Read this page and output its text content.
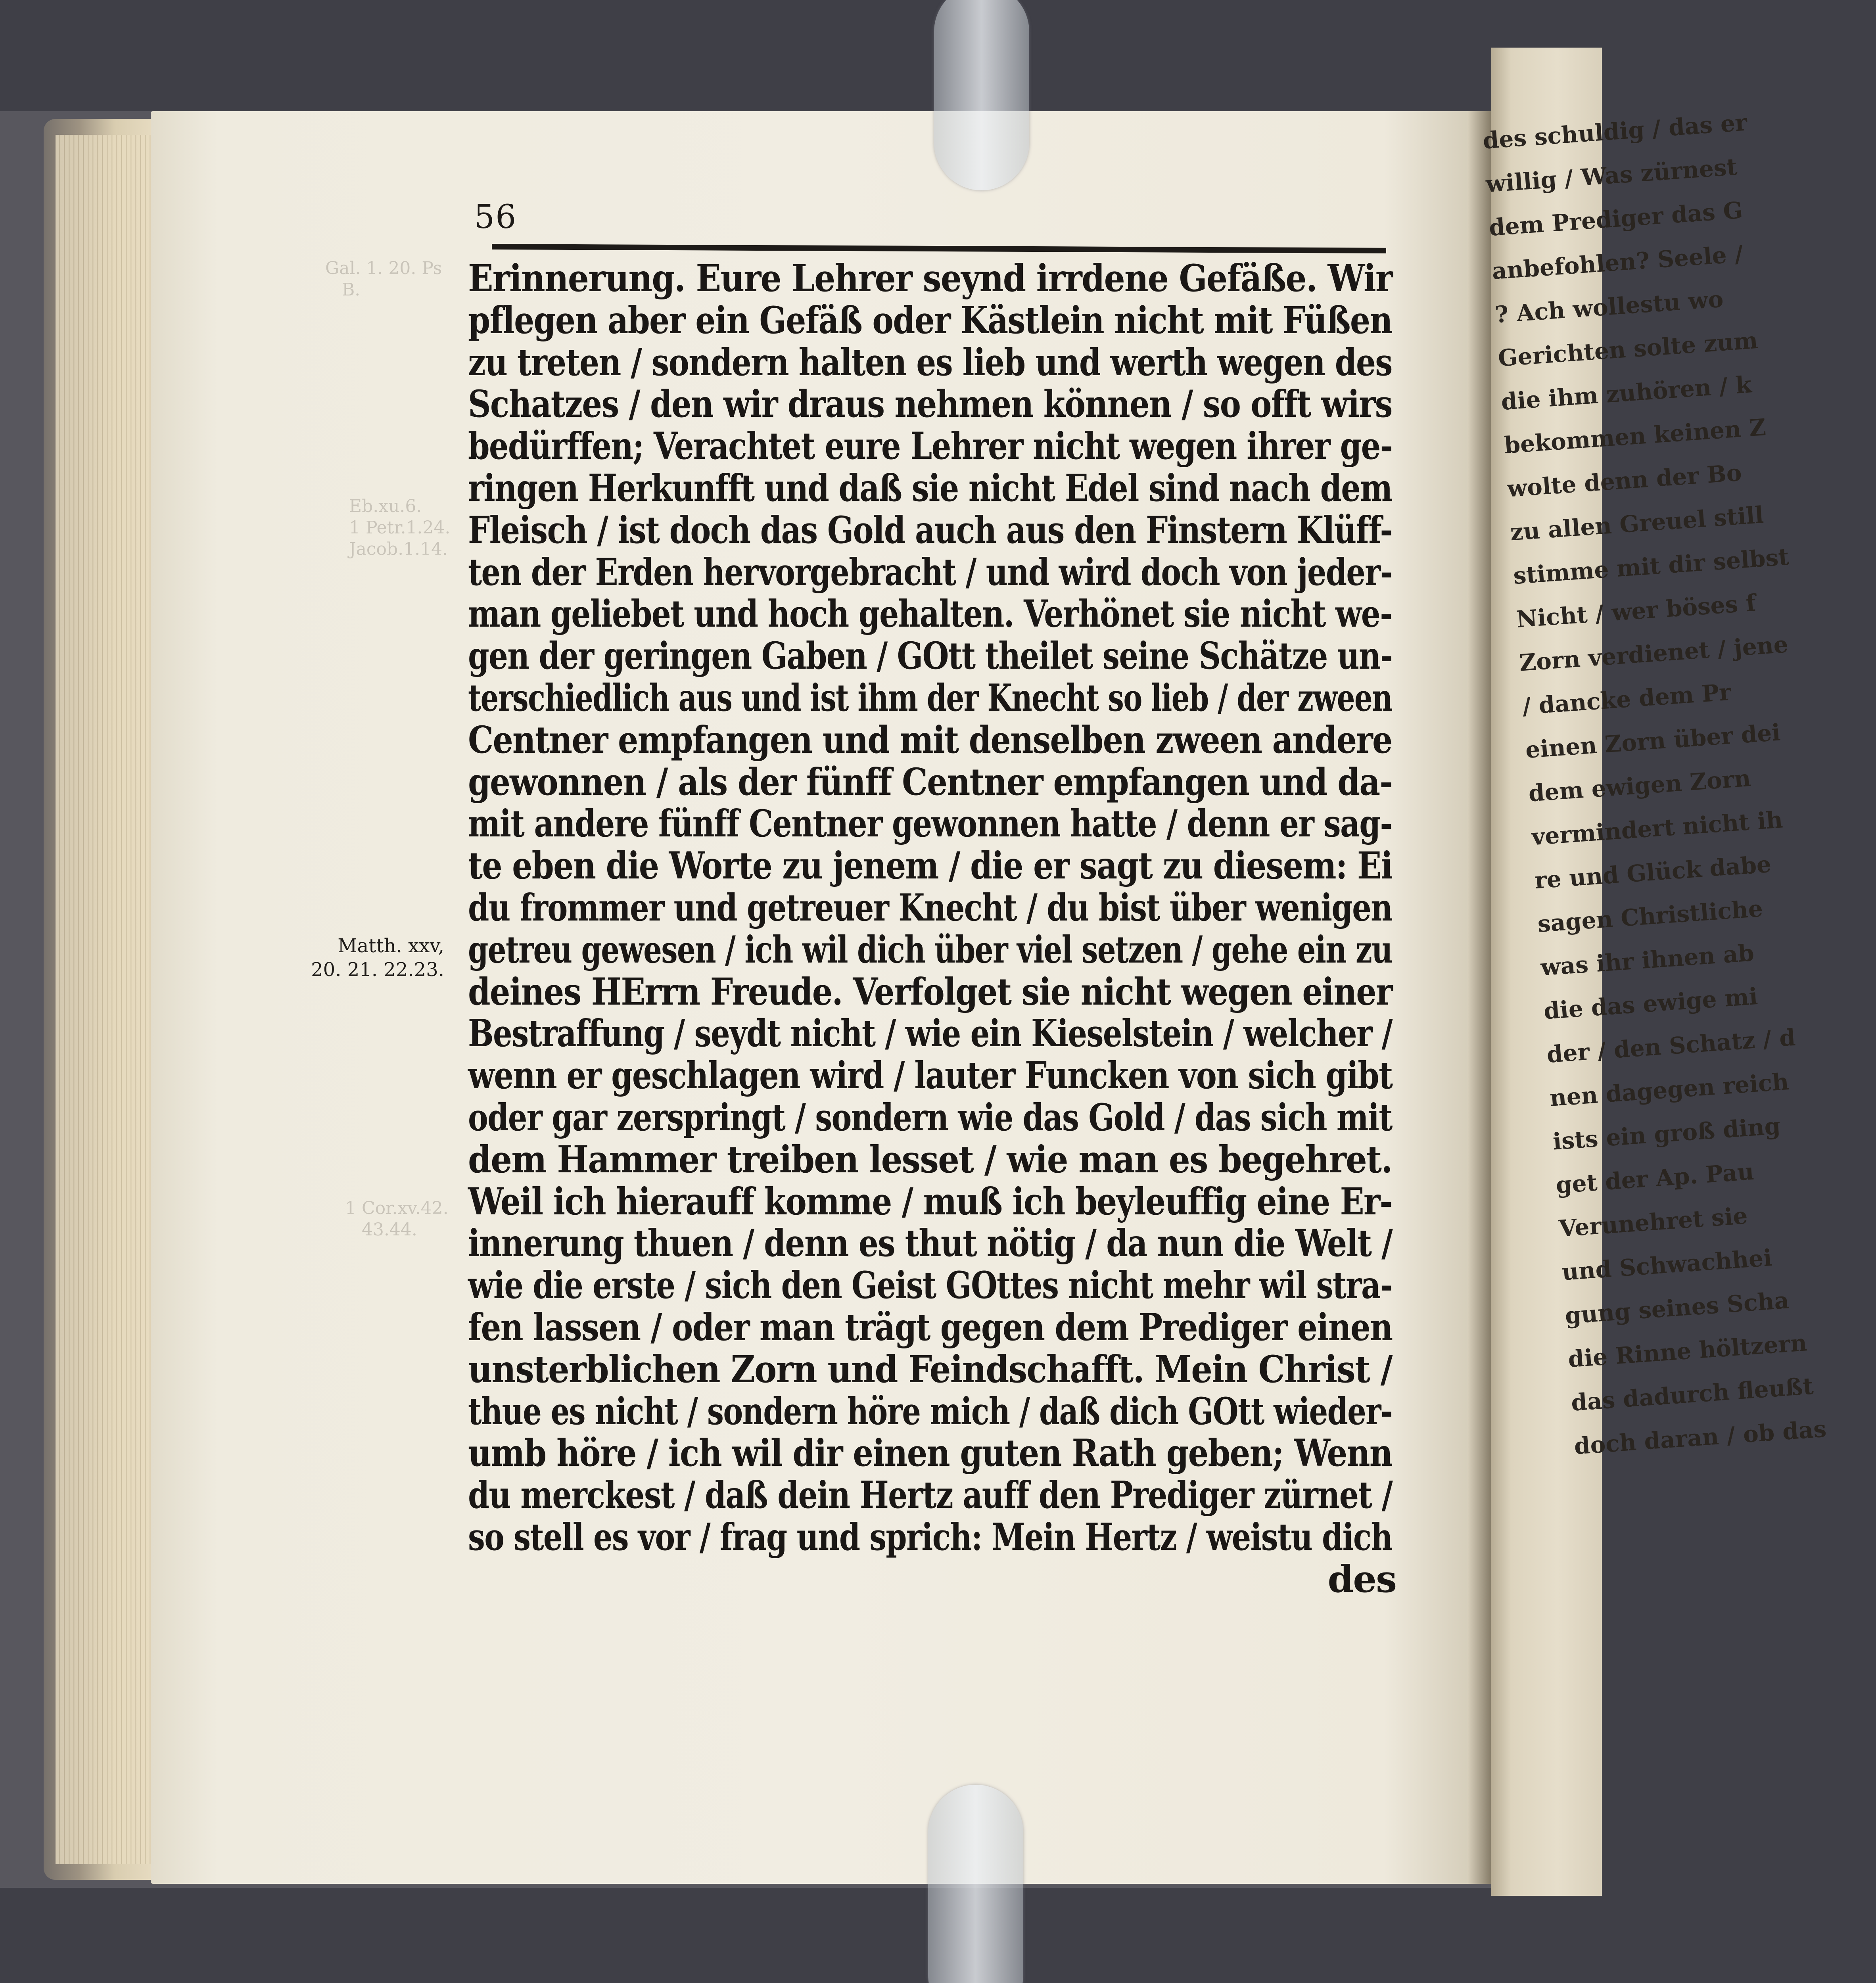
des schuldig / das er
willig / Was zürnest
dem Prediger das G
anbefohlen? Seele /
? Ach wollestu wo
Gerichten solte zum
die ihm zuhören / k
bekommen keinen Z
wolte denn der Bo
zu allen Greuel still
stimme mit dir selbst
Nicht / wer böses f
Zorn verdienet / jene
/ dancke dem Pr
einen Zorn über dei
dem ewigen Zorn
vermindert nicht ih
re und Glück dabe
sagen Christliche
was ihr ihnen ab
die das ewige mi
der / den Schatz / d
nen dagegen reich
ists ein groß ding
get der Ap. Pau
Verunehret sie
und Schwachhei
gung seines Scha
die Rinne höltzern
das dadurch fleußt
doch daran / ob das
Gal. 1. 20. Ps
B.
Eb.xu.6.
1 Petr.1.24.
Jacob.1.14.
1 Cor.xv.42.
43.44.
56
Matth. xxv,
20. 21. 22.23.
Erinnerung. Eure Lehrer seynd irrdene Gefäße. Wir
pflegen aber ein Gefäß oder Kästlein nicht mit Füßen
zu treten / sondern halten es lieb und werth wegen des
Schatzes / den wir draus nehmen können / so offt wirs
bedürffen; Verachtet eure Lehrer nicht wegen ihrer ge-
ringen Herkunfft und daß sie nicht Edel sind nach dem
Fleisch / ist doch das Gold auch aus den Finstern Klüff-
ten der Erden hervorgebracht / und wird doch von jeder-
man geliebet und hoch gehalten. Verhönet sie nicht we-
gen der geringen Gaben / GOtt theilet seine Schätze un-
terschiedlich aus und ist ihm der Knecht so lieb / der zween
Centner empfangen und mit denselben zween andere
gewonnen / als der fünff Centner empfangen und da-
mit andere fünff Centner gewonnen hatte / denn er sag-
te eben die Worte zu jenem / die er sagt zu diesem: Ei
du frommer und getreuer Knecht / du bist über wenigen
getreu gewesen / ich wil dich über viel setzen / gehe ein zu
deines HErrn Freude. Verfolget sie nicht wegen einer
Bestraffung / seydt nicht / wie ein Kieselstein / welcher /
wenn er geschlagen wird / lauter Funcken von sich gibt
oder gar zerspringt / sondern wie das Gold / das sich mit
dem Hammer treiben lesset / wie man es begehret.
Weil ich hierauff komme / muß ich beyleuffig eine Er-
innerung thuen / denn es thut nötig / da nun die Welt /
wie die erste / sich den Geist GOttes nicht mehr wil stra-
fen lassen / oder man trägt gegen dem Prediger einen
unsterblichen Zorn und Feindschafft. Mein Christ /
thue es nicht / sondern höre mich / daß dich GOtt wieder-
umb höre / ich wil dir einen guten Rath geben; Wenn
du merckest / daß dein Hertz auff den Prediger zürnet /
so stell es vor / frag und sprich: Mein Hertz / weistu dich
des
